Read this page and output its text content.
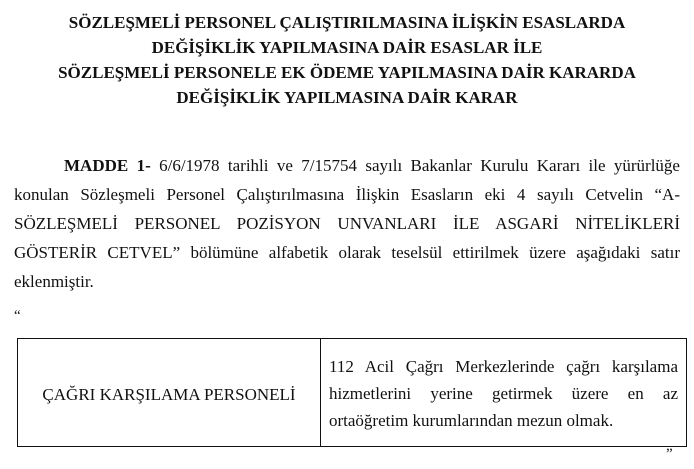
SÖZLEŞMELİ PERSONEL ÇALIŞTIRILMASINA İLİŞKİN ESASLARDA
DEĞİŞİKLİK YAPILMASINA DAİR ESASLAR İLE
SÖZLEŞMELİ PERSONELE EK ÖDEME YAPILMASINA DAİR KARARDA
DEĞİŞİKLİK YAPILMASINA DAİR KARAR
MADDE 1- 6/6/1978 tarihli ve 7/15754 sayılı Bakanlar Kurulu Kararı ile yürürlüğe
konulan Sözleşmeli Personel Çalıştırılmasına İlişkin Esasların eki 4 sayılı Cetvelin “A-
SÖZLEŞMELİ PERSONEL POZİSYON UNVANLARI İLE ASGARİ NİTELİKLERİ
GÖSTERİR CETVEL” bölümüne alfabetik olarak teselsül ettirilmek üzere aşağıdaki satır
eklenmiştir.
“
ÇAĞRI KARŞILAMA PERSONELİ
112 Acil Çağrı Merkezlerinde çağrı karşılama
hizmetlerini yerine getirmek üzere en az
ortaöğretim kurumlarından mezun olmak.
”
